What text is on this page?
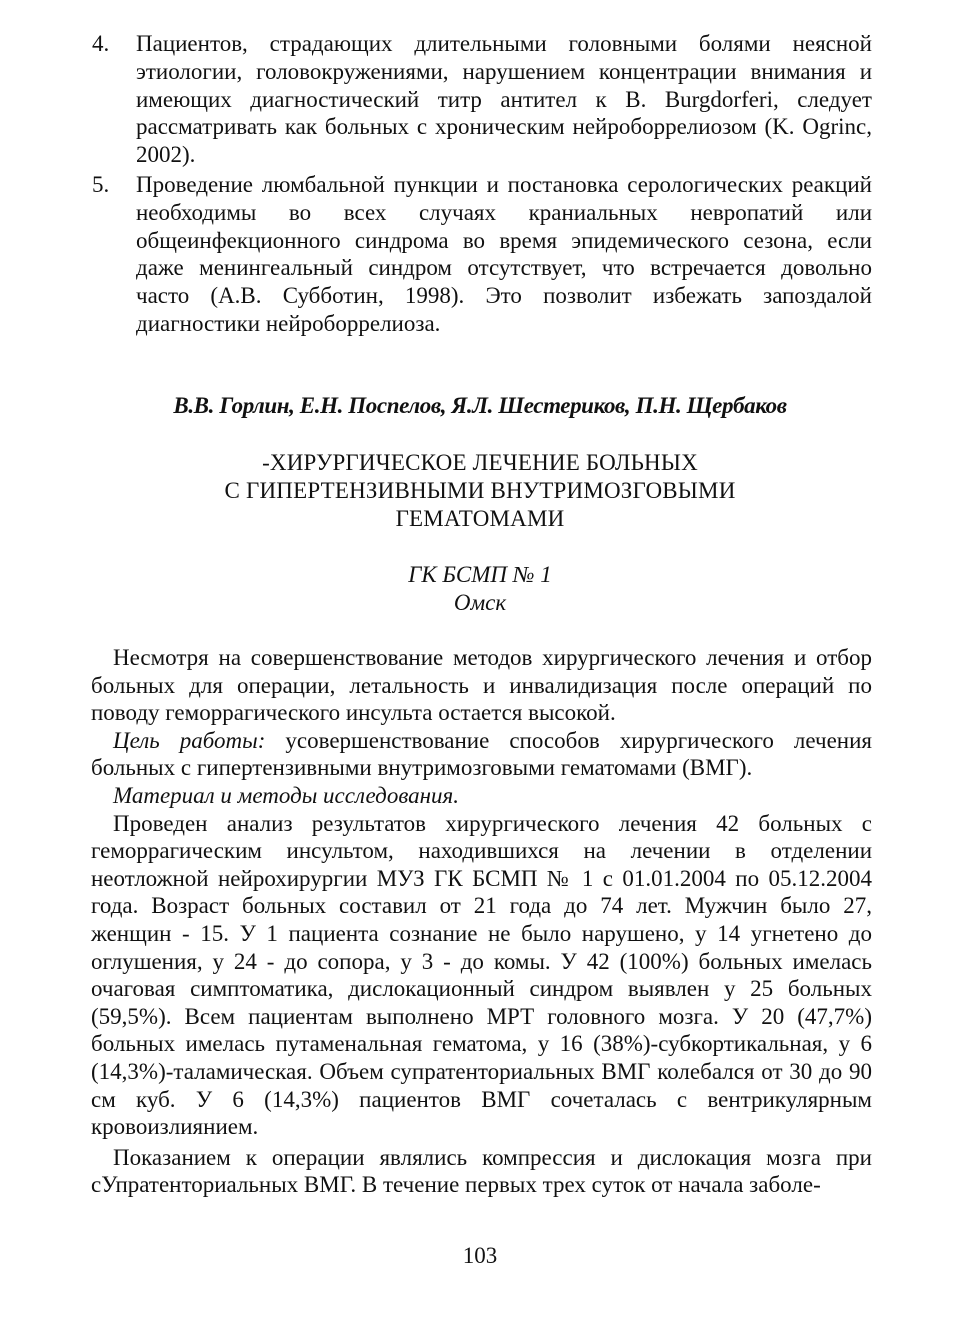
4. Пациентов, страдающих длительными головными болями неясной этиологии, головокружениями, нарушением концентрации внимания и имеющих диагностический титр антител к B. Burgdorferi, следует рассматривать как больных с хроническим нейроборрелиозом (K. Ogrinc, 2002).
5. Проведение люмбальной пункции и постановка серологических реакций необходимы во всех случаях краниальных невропатий или общеинфекционного синдрома во время эпидемического сезона, если даже менингеальный синдром отсутствует, что встречается довольно часто (А.В. Субботин, 1998). Это позволит избежать запоздалой диагностики нейроборрелиоза.
В.В. Горлин, Е.Н. Поспелов, Я.Л. Шестериков, П.Н. Щербаков
-ХИРУРГИЧЕСКОЕ ЛЕЧЕНИЕ БОЛЬНЫХ
С ГИПЕРТЕНЗИВНЫМИ ВНУТРИМОЗГОВЫМИ
ГЕМАТОМАМИ
ГК БСМП № 1
Омск

Несмотря на совершенствование методов хирургического лечения и отбор больных для операции, летальность и инвалидизация после операций по поводу геморрагического инсульта остается высокой.

Цель работы: усовершенствование способов хирургического лечения больных с гипертензивными внутримозговыми гематомами (ВМГ).

Материал и методы исследования.

Проведен анализ результатов хирургического лечения 42 больных с геморрагическим инсультом, находившихся на лечении в отделении неотложной нейрохирургии МУЗ ГК БСМП № 1 с 01.01.2004 по 05.12.2004 года. Возраст больных составил от 21 года до 74 лет. Мужчин было 27, женщин - 15. У 1 пациента сознание не было нарушено, у 14 угнетено до оглушения, у 24 - до сопора, у 3 - до комы. У 42 (100%) больных имелась очаговая симптоматика, дислокационный синдром выявлен у 25 больных (59,5%). Всем пациентам выполнено МРТ головного мозга. У 20 (47,7%) больных имелась путаменальная гематома, у 16 (38%)-субкортикальная, у 6 (14,3%)-таламическая. Объем супратенториальных ВМГ колебался от 30 до 90 см куб. У 6 (14,3%) пациентов ВМГ сочеталась с вентрикулярным кровоизлиянием.

Показанием к операции являлись компрессия и дислокация мозга при сУпратенториальных ВМГ. В течение первых трех суток от начала заболе-

103
